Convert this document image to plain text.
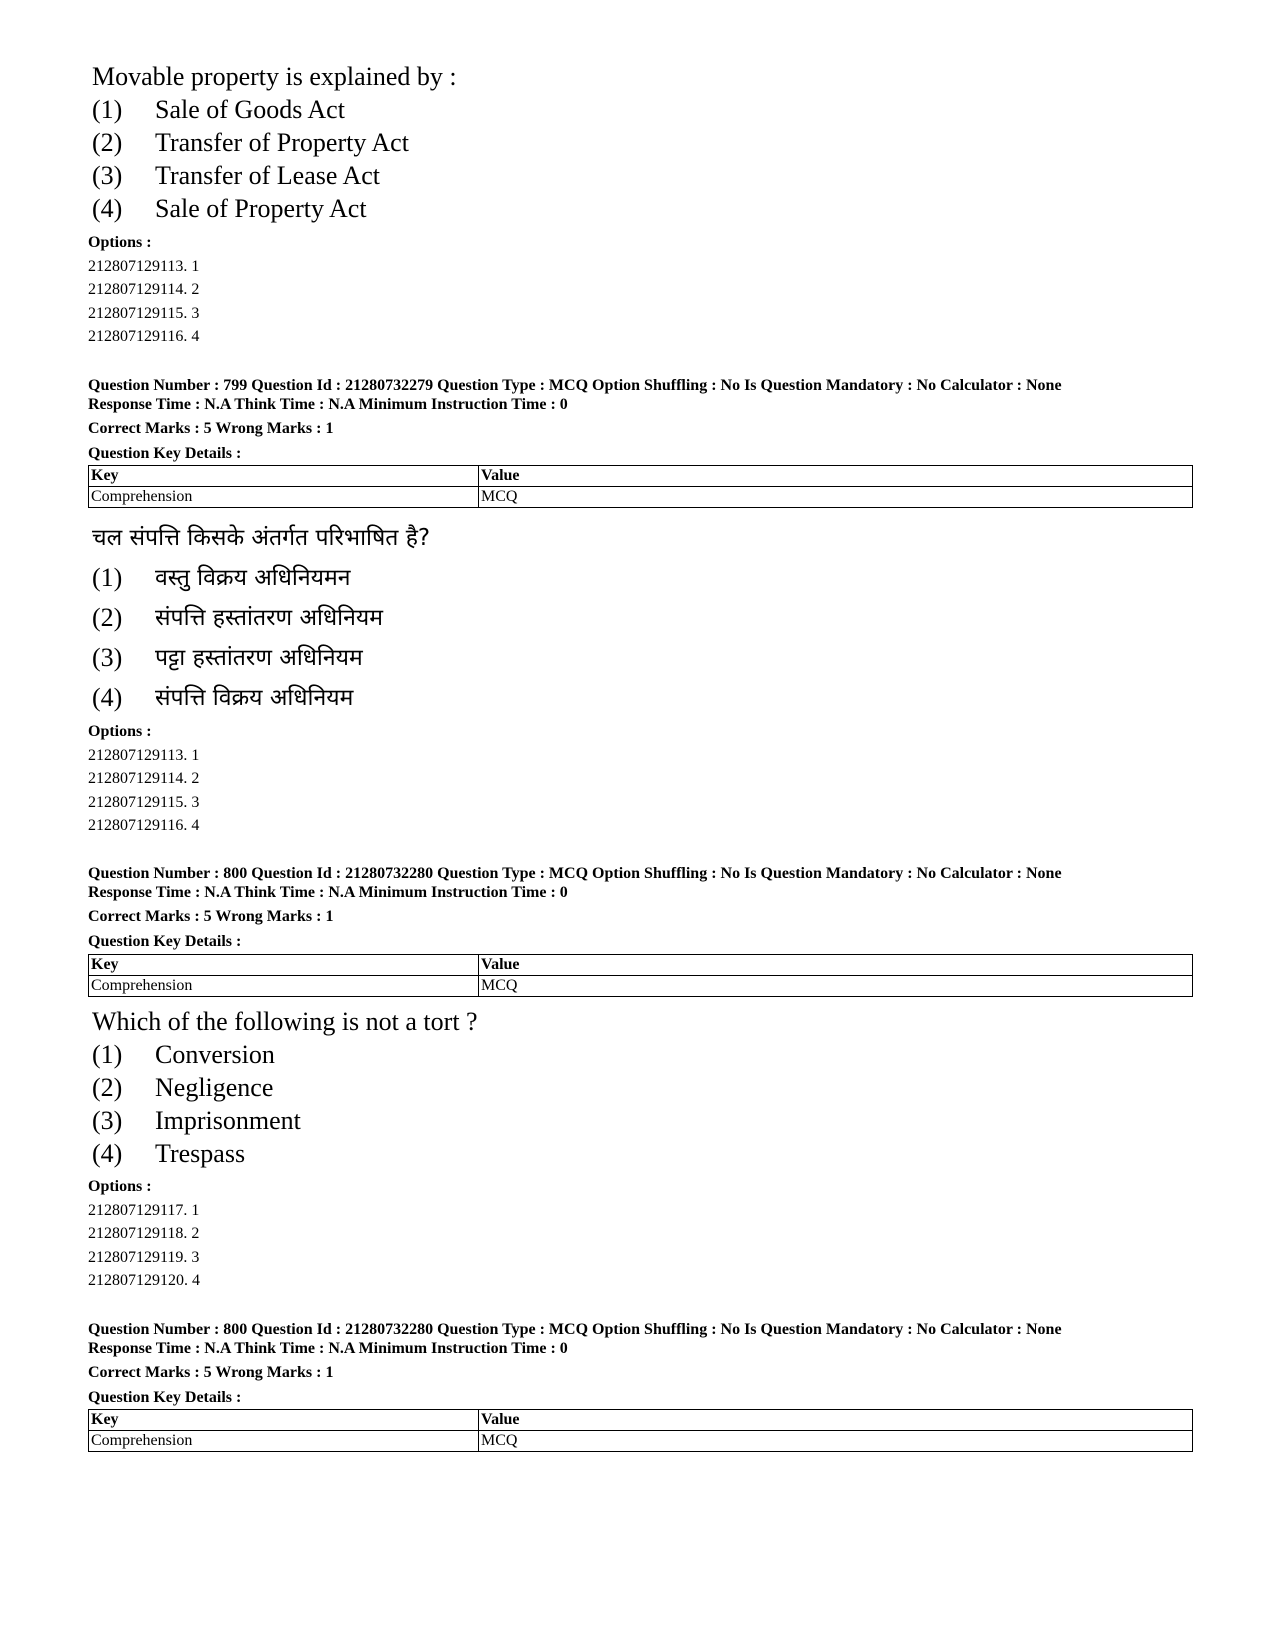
Movable property is explained by :

(1)	Sale of Goods Act
(2)	Transfer of Property Act
(3)	Transfer of Lease Act
(4)	Sale of Property Act
Options :
212807129113. 1
212807129114. 2
212807129115. 3
212807129116. 4
Question Number : 799 Question Id : 21280732279 Question Type : MCQ Option Shuffling : No Is Question Mandatory : No Calculator : None
Response Time : N.A Think Time : N.A Minimum Instruction Time : 0
Correct Marks : 5 Wrong Marks : 1
Question Key Details :
Key	Value
Comprehension	MCQ

चल संपत्ति किसके अंतर्गत परिभाषित है?

(1)	वस्तु विक्रय अधिनियमन
(2)	संपत्ति हस्तांतरण अधिनियम
(3)	पट्टा हस्तांतरण अधिनियम
(4)	संपत्ति विक्रय अधिनियम
Options :
212807129113. 1
212807129114. 2
212807129115. 3
212807129116. 4
Question Number : 800 Question Id : 21280732280 Question Type : MCQ Option Shuffling : No Is Question Mandatory : No Calculator : None
Response Time : N.A Think Time : N.A Minimum Instruction Time : 0
Correct Marks : 5 Wrong Marks : 1
Question Key Details :
Key	Value
Comprehension	MCQ

Which of the following is not a tort ?

(1)	Conversion
(2)	Negligence
(3)	Imprisonment
(4)	Trespass
Options :
212807129117. 1
212807129118. 2
212807129119. 3
212807129120. 4
Question Number : 800 Question Id : 21280732280 Question Type : MCQ Option Shuffling : No Is Question Mandatory : No Calculator : None
Response Time : N.A Think Time : N.A Minimum Instruction Time : 0
Correct Marks : 5 Wrong Marks : 1
Question Key Details :
Key	Value
Comprehension	MCQ
